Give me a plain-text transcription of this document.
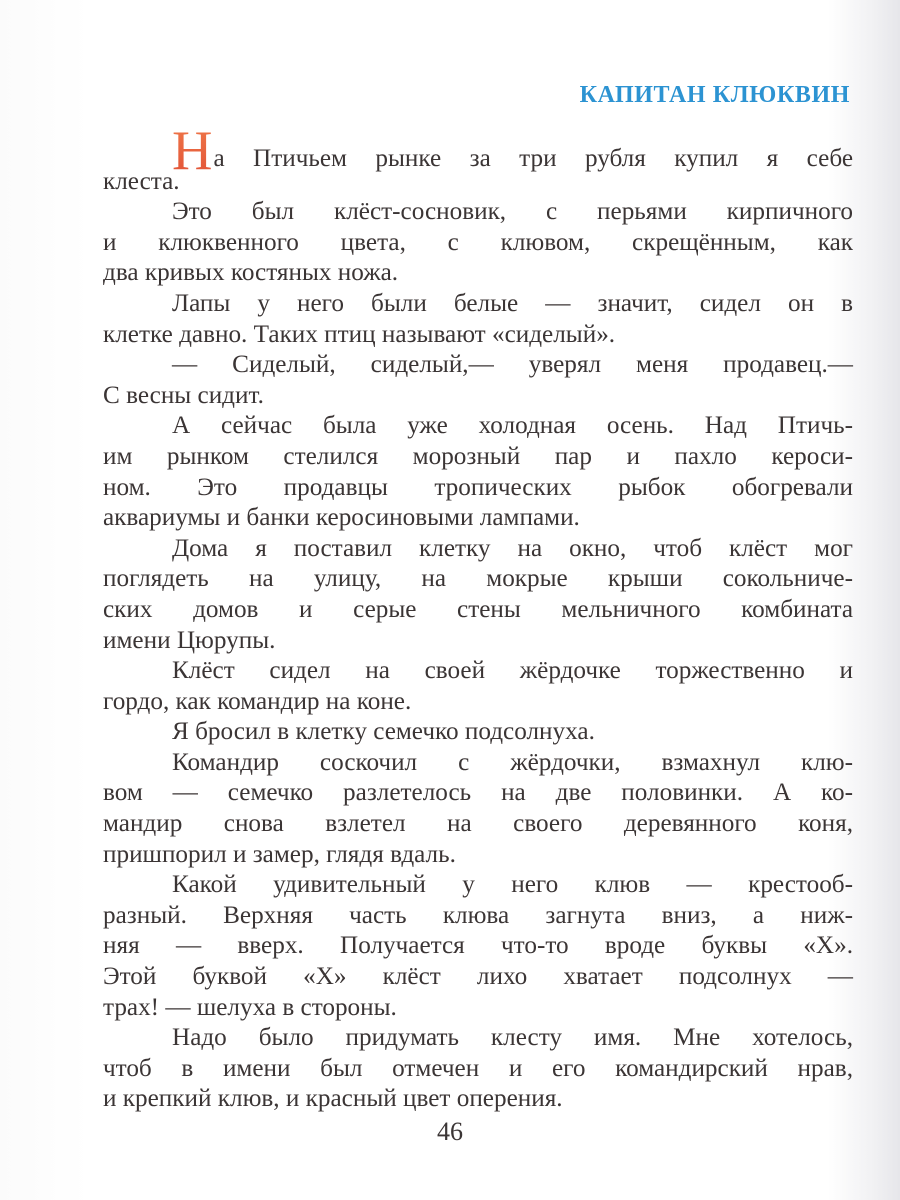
КАПИТАН КЛЮКВИН
На Птичьем рынке за три рубля купил я себе
клеста.
Это был клёст-сосновик, с перьями кирпичного
и клюквенного цвета, с клювом, скрещённым, как
два кривых костяных ножа.
Лапы у него были белые — значит, сидел он в
клетке давно. Таких птиц называют «сиделый».
— Сиделый, сиделый,— уверял меня продавец.—
С весны сидит.
А сейчас была уже холодная осень. Над Птичь-
им рынком стелился морозный пар и пахло кероси-
ном. Это продавцы тропических рыбок обогревали
аквариумы и банки керосиновыми лампами.
Дома я поставил клетку на окно, чтоб клёст мог
поглядеть на улицу, на мокрые крыши сокольниче-
ских домов и серые стены мельничного комбината
имени Цюрупы.
Клёст сидел на своей жёрдочке торжественно и
гордо, как командир на коне.
Я бросил в клетку семечко подсолнуха.
Командир соскочил с жёрдочки, взмахнул клю-
вом — семечко разлетелось на две половинки. А ко-
мандир снова взлетел на своего деревянного коня,
пришпорил и замер, глядя вдаль.
Какой удивительный у него клюв — крестооб-
разный. Верхняя часть клюва загнута вниз, а ниж-
няя — вверх. Получается что-то вроде буквы «Х».
Этой буквой «Х» клёст лихо хватает подсолнух —
трах! — шелуха в стороны.
Надо было придумать клесту имя. Мне хотелось,
чтоб в имени был отмечен и его командирский нрав,
и крепкий клюв, и красный цвет оперения.
46
